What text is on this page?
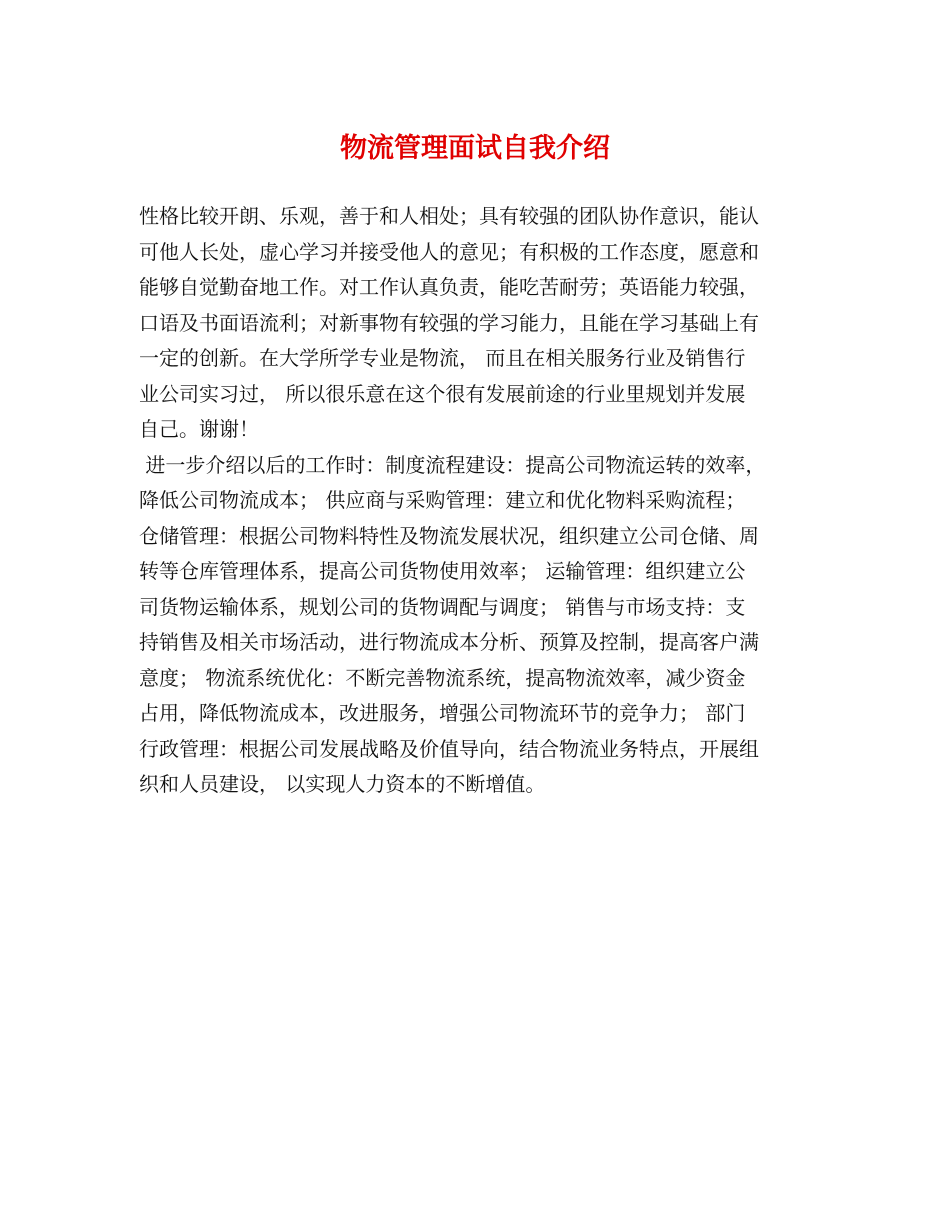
物流管理面试自我介绍
性格比较开朗、乐观，善于和人相处；具有较强的团队协作意识，能认
可他人长处，虚心学习并接受他人的意见；有积极的工作态度，愿意和
能够自觉勤奋地工作。对工作认真负责，能吃苦耐劳；英语能力较强，
口语及书面语流利；对新事物有较强的学习能力，且能在学习基础上有
一定的创新。在大学所学专业是物流， 而且在相关服务行业及销售行
业公司实习过， 所以很乐意在这个很有发展前途的行业里规划并发展
自己。谢谢！
进一步介绍以后的工作时：制度流程建设：提高公司物流运转的效率，
降低公司物流成本； 供应商与采购管理：建立和优化物料采购流程；
仓储管理：根据公司物料特性及物流发展状况，组织建立公司仓储、周
转等仓库管理体系，提高公司货物使用效率； 运输管理：组织建立公
司货物运输体系，规划公司的货物调配与调度； 销售与市场支持：支
持销售及相关市场活动，进行物流成本分析、预算及控制，提高客户满
意度； 物流系统优化：不断完善物流系统，提高物流效率，减少资金
占用，降低物流成本，改进服务，增强公司物流环节的竞争力； 部门
行政管理：根据公司发展战略及价值导向，结合物流业务特点，开展组
织和人员建设， 以实现人力资本的不断增值。
